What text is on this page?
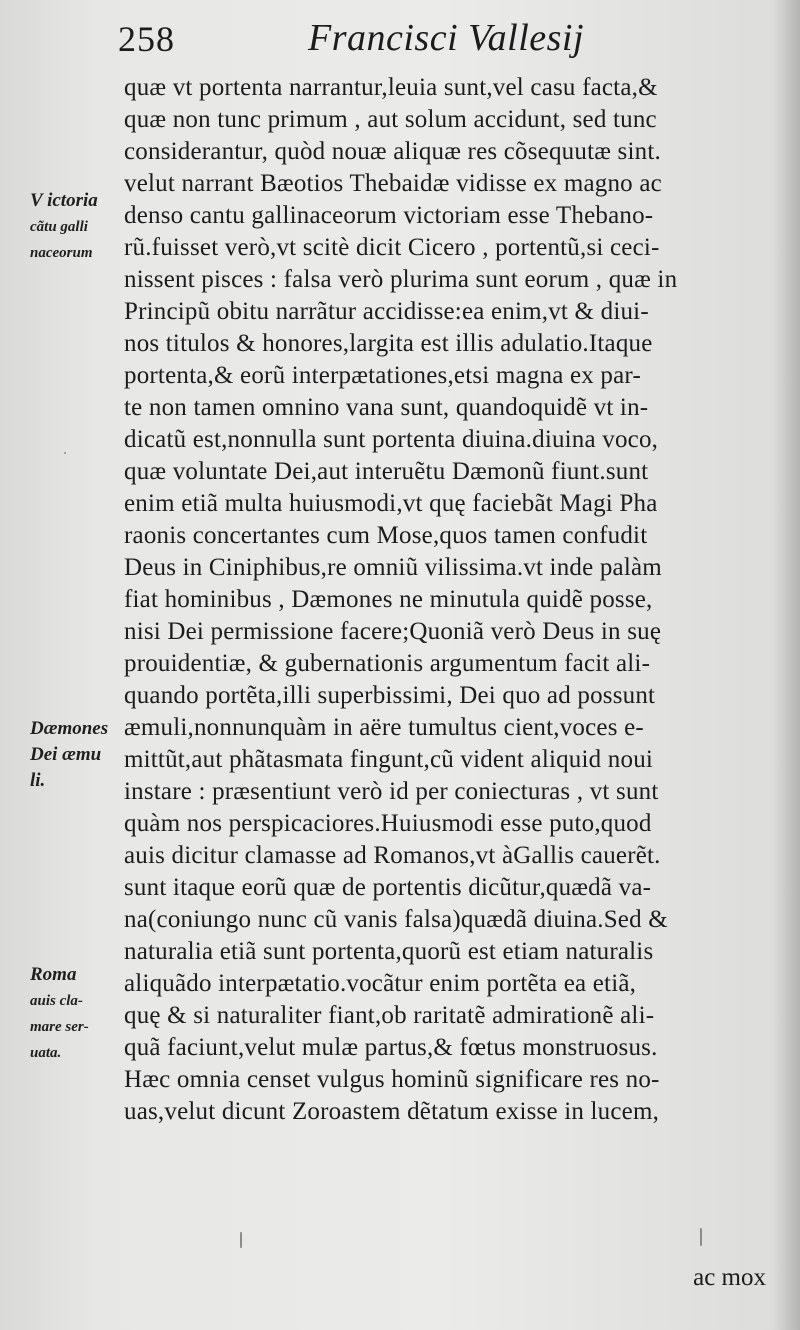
258	Francisci Vallesij
V ictoria
cãtu galli
naceorum
Dæmones
Dei æmu
li.
Roma
auis cla-
mare ser-
uata.
quæ vt portenta narrantur,leuia sunt,vel casu facta,&
quæ non tunc primum , aut solum accidunt, sed tunc
considerantur, quòd nouæ aliquæ res cõsequutæ sint.
velut narrant Bæotios Thebaidæ vidisse ex magno ac
denso cantu gallinaceorum victoriam esse Thebano-
rũ.fuisset verò,vt scitè dicit Cicero , portentũ,si ceci-
nissent pisces : falsa verò plurima sunt eorum , quæ in
Principũ obitu narrãtur accidisse:ea enim,vt & diui-
nos titulos & honores,largita est illis adulatio.Itaque
portenta,& eorũ interpætationes,etsi magna ex par-
te non tamen omnino vana sunt, quandoquidẽ vt in-
dicatũ est,nonnulla sunt portenta diuina.diuina voco,
quæ voluntate Dei,aut interuẽtu Dæmonũ fiunt.sunt
enim etiã multa huiusmodi,vt quę faciebãt Magi Pha
raonis concertantes cum Mose,quos tamen confudit
Deus in Ciniphibus,re omniũ vilissima.vt inde palàm
fiat hominibus , Dæmones ne minutula quidẽ posse,
nisi Dei permissione facere;Quoniã verò Deus in suę
prouidentiæ, & gubernationis argumentum facit ali-
quando portẽta,illi superbissimi, Dei quo ad possunt
æmuli,nonnunquàm in aëre tumultus cient,voces e-
mittũt,aut phãtasmata fingunt,cũ vident aliquid noui
instare : præsentiunt verò id per coniecturas , vt sunt
quàm nos perspicaciores.Huiusmodi esse puto,quod
auis dicitur clamasse ad Romanos,vt àGallis cauerẽt.
sunt itaque eorũ quæ de portentis dicũtur,quædã va-
na(coniungo nunc cũ vanis falsa)quædã diuina.Sed &
naturalia etiã sunt portenta,quorũ est etiam naturalis
aliquãdo interpætatio.vocãtur enim portẽta ea etiã,
quę & si naturaliter fiant,ob raritatẽ admirationẽ ali-
quã faciunt,velut mulæ partus,& fœtus monstruosus.
Hæc omnia censet vulgus hominũ significare res no-
uas,velut dicunt Zoroastem dẽtatum exisse in lucem,
ac mox
